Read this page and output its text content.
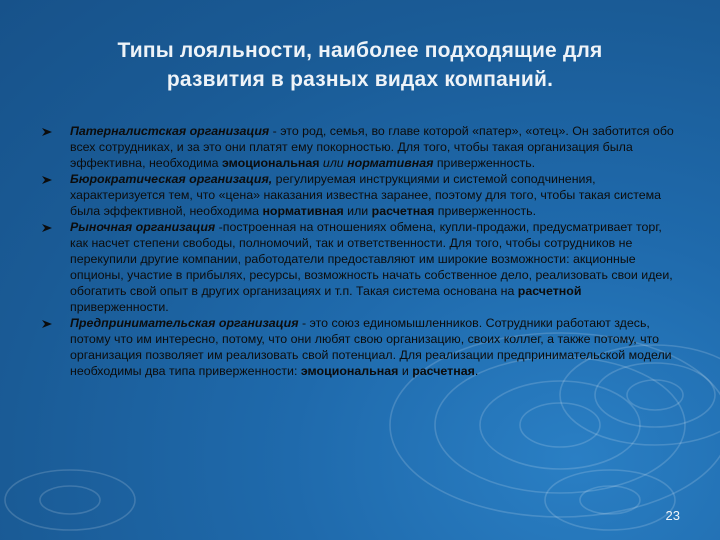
Типы лояльности, наиболее подходящие для
развития в разных видах компаний.
Патерналистская организация - это род, семья, во главе которой «патер», «отец». Он заботится обо всех сотрудниках, и за это они платят ему покорностью. Для того, чтобы такая организация была эффективна, необходима эмоциональная или нормативная приверженность.
Бюрократическая организация, регулируемая инструкциями и системой соподчинения, характеризуется тем, что «цена» наказания известна заранее, поэтому для того, чтобы такая система была эффективной, необходима нормативная или расчетная приверженность.
Рыночная организация -построенная на отношениях обмена, купли-продажи, предусматривает торг, как насчет степени свободы, полномочий, так и ответственности. Для того, чтобы сотрудников не перекупили другие компании, работодатели предоставляют им широкие возможности: акционные опционы, участие в прибылях, ресурсы, возможность начать собственное дело, реализовать свои идеи, обогатить свой опыт в других организациях и т.п. Такая система основана на расчетной приверженности.
Предпринимательская организация - это союз единомышленников. Сотрудники работают здесь, потому что им интересно, потому, что они любят свою организацию, своих коллег, а также потому, что организация позволяет им реализовать свой потенциал. Для реализации предпринимательской модели необходимы два типа приверженности: эмоциональная и расчетная.
23
